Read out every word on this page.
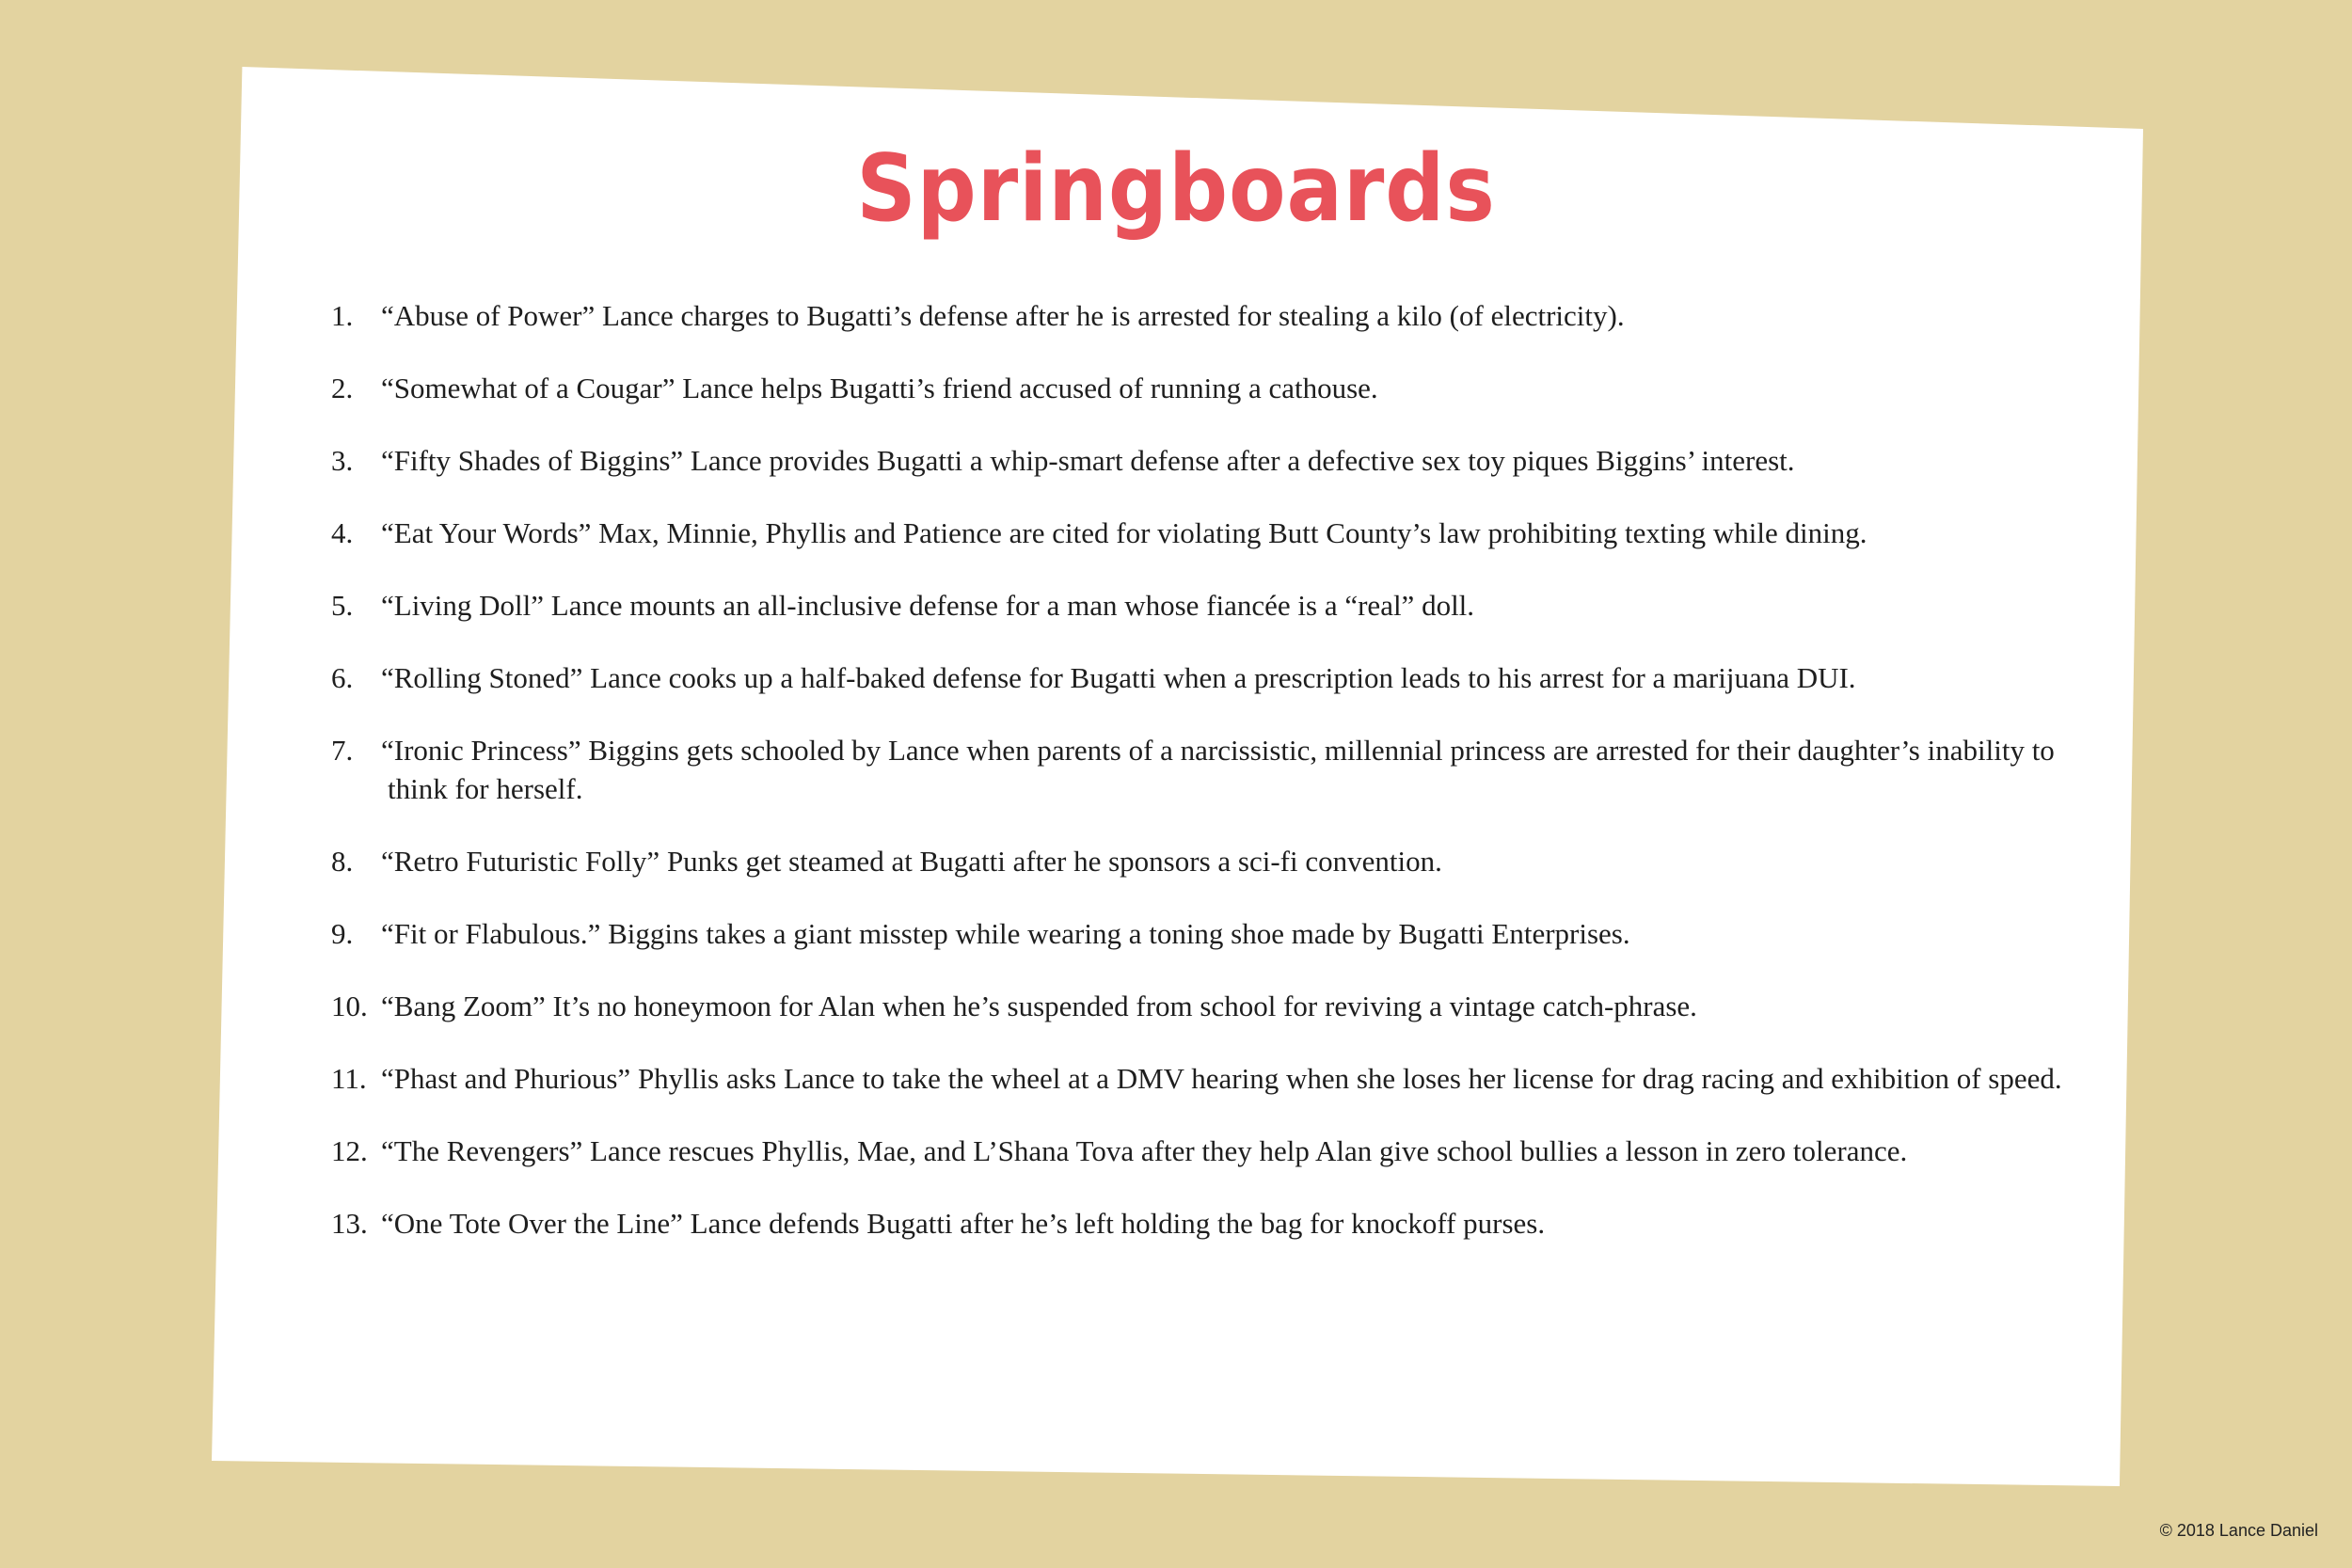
Springboards
1. “Abuse of Power” Lance charges to Bugatti’s defense after he is arrested for stealing a kilo (of electricity).
2. “Somewhat of a Cougar” Lance helps Bugatti’s friend accused of running a cathouse.
3. “Fifty Shades of Biggins” Lance provides Bugatti a whip-smart defense after a defective sex toy piques Biggins’ interest.
4. “Eat Your Words” Max, Minnie, Phyllis and Patience are cited for violating Butt County’s law prohibiting texting while dining.
5. “Living Doll” Lance mounts an all-inclusive defense for a man whose fiancée is a “real” doll.
6. “Rolling Stoned” Lance cooks up a half-baked defense for Bugatti when a prescription leads to his arrest for a marijuana DUI.
7. “Ironic Princess” Biggins gets schooled by Lance when parents of a narcissistic, millennial princess are arrested for their daughter’s inability to think for herself.
8. “Retro Futuristic Folly” Punks get steamed at Bugatti after he sponsors a sci-fi convention.
9. “Fit or Flabulous.” Biggins takes a giant misstep while wearing a toning shoe made by Bugatti Enterprises.
10. “Bang Zoom” It’s no honeymoon for Alan when he’s suspended from school for reviving a vintage catch-phrase.
11. “Phast and Phurious” Phyllis asks Lance to take the wheel at a DMV hearing when she loses her license for drag racing and exhibition of speed.
12. “The Revengers” Lance rescues Phyllis, Mae, and L’Shana Tova after they help Alan give school bullies a lesson in zero tolerance.
13. “One Tote Over the Line” Lance defends Bugatti after he’s left holding the bag for knockoff purses.
© 2018 Lance Daniel
